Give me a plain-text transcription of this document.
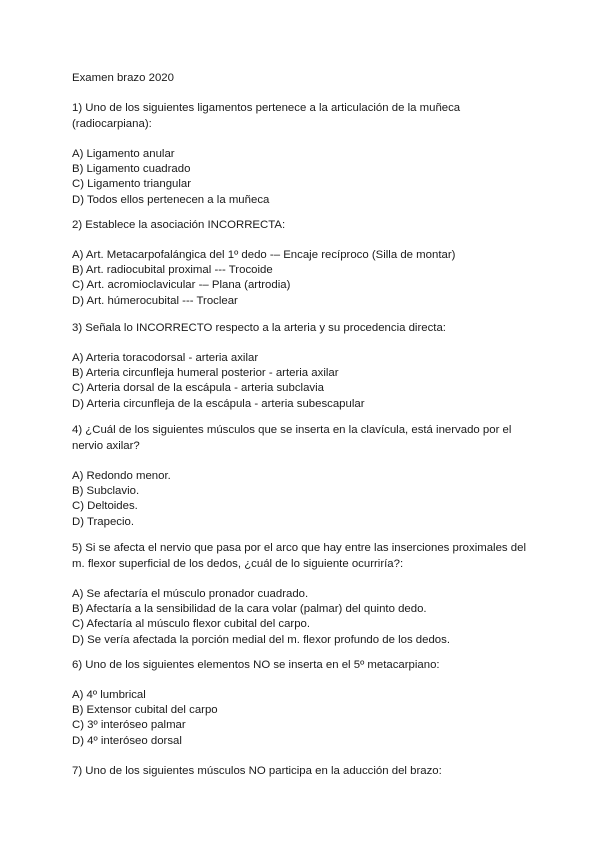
Examen brazo 2020

1) Uno de los siguientes ligamentos pertenece a la articulación de la muñeca (radiocarpiana):

A) Ligamento anular
B) Ligamento cuadrado
C) Ligamento triangular
D) Todos ellos pertenecen a la muñeca

2) Establece la asociación INCORRECTA:

A) Art. Metacarpofalángica del 1º dedo -– Encaje recíproco (Silla de montar)
B) Art. radiocubital proximal --- Trocoide
C) Art. acromioclavicular -– Plana (artrodia)
D) Art. húmerocubital --- Troclear

3) Señala lo INCORRECTO respecto a la arteria y su procedencia directa:

A) Arteria toracodorsal - arteria axilar
B) Arteria circunfleja humeral posterior - arteria axilar
C) Arteria dorsal de la escápula - arteria subclavia
D) Arteria circunfleja de la escápula - arteria subescapular

4) ¿Cuál de los siguientes músculos que se inserta en la clavícula, está inervado por el nervio axilar?

A) Redondo menor.
B) Subclavio.
C) Deltoides.
D) Trapecio.

5) Si se afecta el nervio que pasa por el arco que hay entre las inserciones proximales del m. flexor superficial de los dedos, ¿cuál de lo siguiente ocurriría?:

A) Se afectaría el músculo pronador cuadrado.
B) Afectaría a la sensibilidad de la cara volar (palmar) del quinto dedo.
C) Afectaría al músculo flexor cubital del carpo.
D) Se vería afectada la porción medial del m. flexor profundo de los dedos.

6) Uno de los siguientes elementos NO se inserta en el 5º metacarpiano:

A) 4º lumbrical
B) Extensor cubital del carpo
C) 3º interóseo palmar
D) 4º interóseo dorsal

7) Uno de los siguientes músculos NO participa en la aducción del brazo:
